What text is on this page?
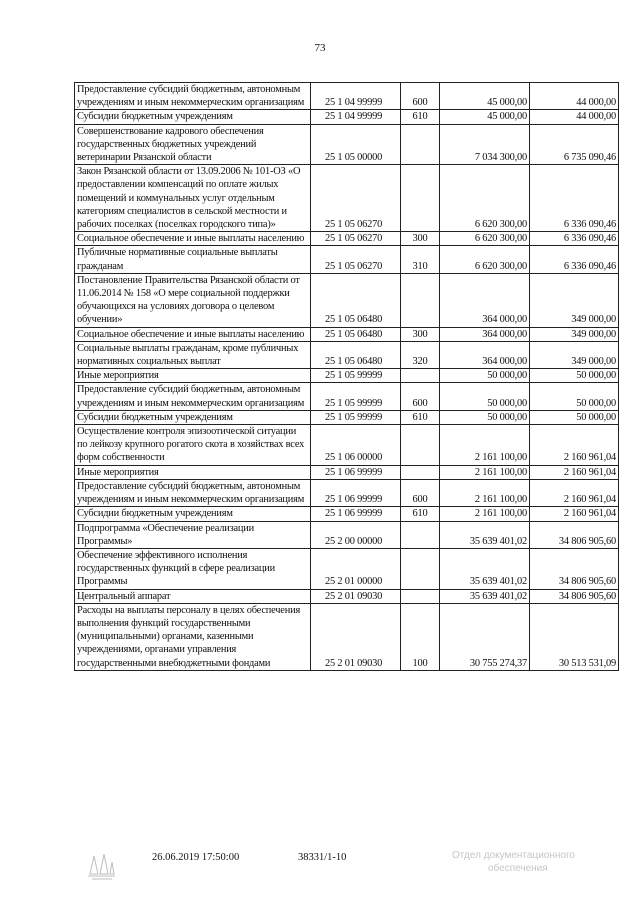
73
Предоставление субсидий бюджетным, автономным учреждениям и иным некоммерческим организациям	25 1 04 99999	600	45 000,00	44 000,00
Субсидии бюджетным учреждениям	25 1 04 99999	610	45 000,00	44 000,00
Совершенствование кадрового обеспечения государственных бюджетных учреждений ветеринарии Рязанской области	25 1 05 00000		7 034 300,00	6 735 090,46
Закон Рязанской области от 13.09.2006 № 101-ОЗ «О предоставлении компенсаций по оплате жилых помещений и коммунальных услуг отдельным категориям специалистов в сельской местности и рабочих поселках (поселках городского типа)»	25 1 05 06270		6 620 300,00	6 336 090,46
Социальное обеспечение и иные выплаты населению	25 1 05 06270	300	6 620 300,00	6 336 090,46
Публичные нормативные социальные выплаты гражданам	25 1 05 06270	310	6 620 300,00	6 336 090,46
Постановление Правительства Рязанской области от 11.06.2014 № 158 «О мере социальной поддержки обучающихся на условиях договора о целевом обучении»	25 1 05 06480		364 000,00	349 000,00
Социальное обеспечение и иные выплаты населению	25 1 05 06480	300	364 000,00	349 000,00
Социальные выплаты гражданам, кроме публичных нормативных социальных выплат	25 1 05 06480	320	364 000,00	349 000,00
Иные мероприятия	25 1 05 99999		50 000,00	50 000,00
Предоставление субсидий бюджетным, автономным учреждениям и иным некоммерческим организациям	25 1 05 99999	600	50 000,00	50 000,00
Субсидии бюджетным учреждениям	25 1 05 99999	610	50 000,00	50 000,00
Осуществление контроля эпизоотической ситуации по лейкозу крупного рогатого скота в хозяйствах всех форм собственности	25 1 06 00000		2 161 100,00	2 160 961,04
Иные мероприятия	25 1 06 99999		2 161 100,00	2 160 961,04
Предоставление субсидий бюджетным, автономным учреждениям и иным некоммерческим организациям	25 1 06 99999	600	2 161 100,00	2 160 961,04
Субсидии бюджетным учреждениям	25 1 06 99999	610	2 161 100,00	2 160 961,04
Подпрограмма «Обеспечение реализации Программы»	25 2 00 00000		35 639 401,02	34 806 905,60
Обеспечение эффективного исполнения государственных функций в сфере реализации Программы	25 2 01 00000		35 639 401,02	34 806 905,60
Центральный аппарат	25 2 01 09030		35 639 401,02	34 806 905,60
Расходы на выплаты персоналу в целях обеспечения выполнения функций государственными (муниципальными) органами, казенными учреждениями, органами управления государственными внебюджетными фондами	25 2 01 09030	100	30 755 274,37	30 513 531,09
26.06.2019 17:50:00	38331/1-10	Отдел документационного
обеспечения
